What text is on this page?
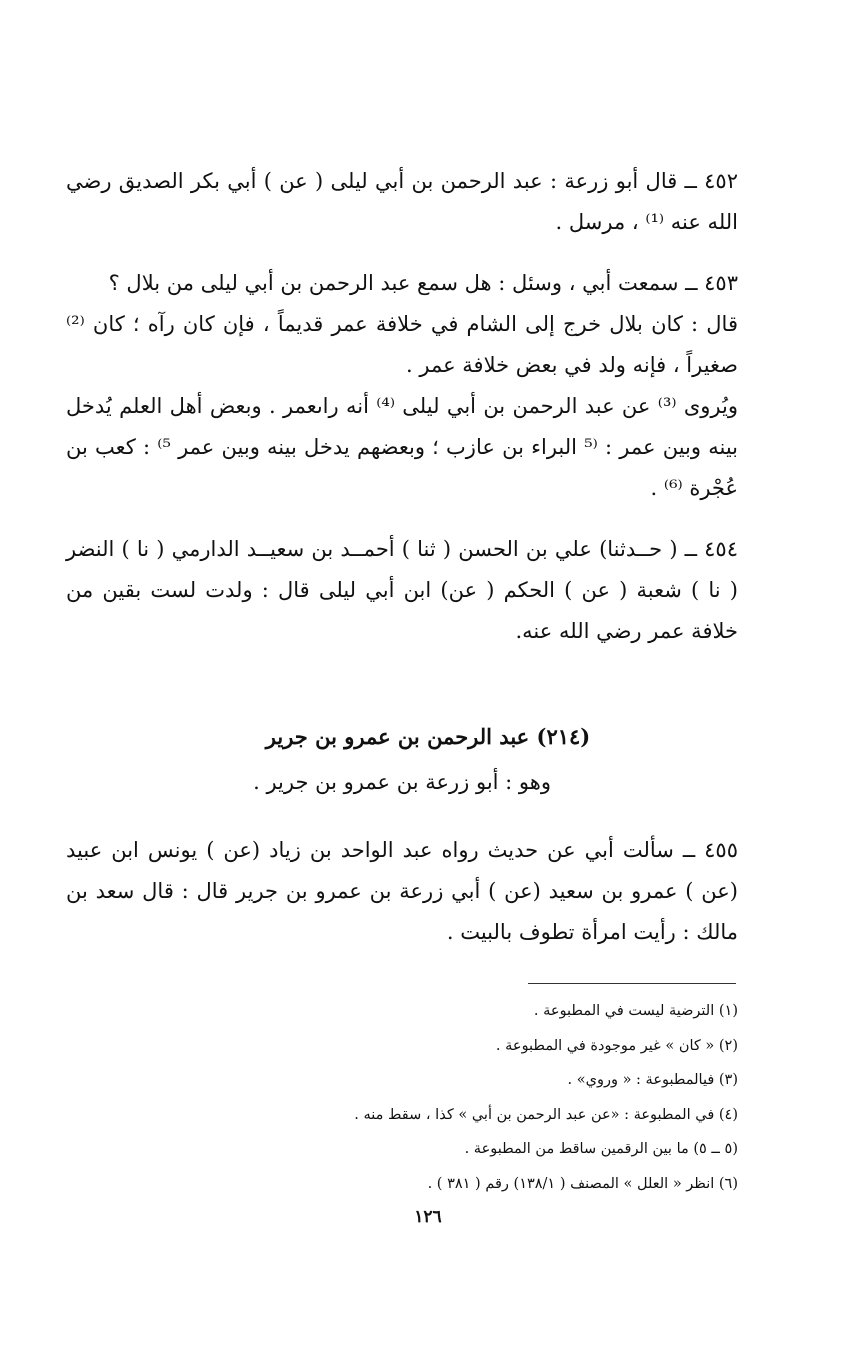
٤٥٢ ــ قال أبو زرعة : عبد الرحمن بن أبي ليلى ( عن ) أبي بكر الصديق رضي الله عنه ⁽¹⁾ ، مرسل .

٤٥٣ ــ سمعت أبي ، وسئل : هل سمع عبد الرحمن بن أبي ليلى من بلال ؟

قال : كان بلال خرج إلى الشام في خلافة عمر قديماً ، فإن كان رآه ؛ كان ⁽²⁾ صغيراً ، فإنه ولد في بعض خلافة عمر .

ويُروى ⁽³⁾ عن عبد الرحمن بن أبي ليلى ⁽⁴⁾ أنه راىعمر . وبعض أهل العلم يُدخل بينه وبين عمر : ⁽⁵ البراء بن عازب ؛ وبعضهم يدخل بينه وبين عمر ⁵⁾ : كعب بن عُجْرة ⁽⁶⁾ .

٤٥٤ ــ ( حــدثنا) علي بن الحسن ( ثنا ) أحمــد بن سعيــد الدارمي ( نا ) النضر ( نا ) شعبة ( عن ) الحكم ( عن) ابن أبي ليلى قال : ولدت لست بقين من خلافة عمر رضي الله عنه.

(٢١٤) عبد الرحمن بن عمرو بن جرير
وهو : أبو زرعة بن عمرو بن جرير .

٤٥٥ ــ سألت أبي عن حديث رواه عبد الواحد بن زياد (عن ) يونس ابن عبيد (عن ) عمرو بن سعيد (عن ) أبي زرعة بن عمرو بن جرير قال : قال سعد بن مالك : رأيت امرأة تطوف بالبيت .

(١) الترضية ليست في المطبوعة .

(٢) « كان » غير موجودة في المطبوعة .

(٣) فيالمطبوعة : « وروي» .

(٤) في المطبوعة : «عن عبد الرحمن بن أبي » كذا ، سقط منه .

(٥ ــ ٥) ما بين الرقمين ساقط من المطبوعة .

(٦) انظر « العلل » المصنف ( ١٣٨/١) رقم ( ٣٨١ ) .

١٢٦
